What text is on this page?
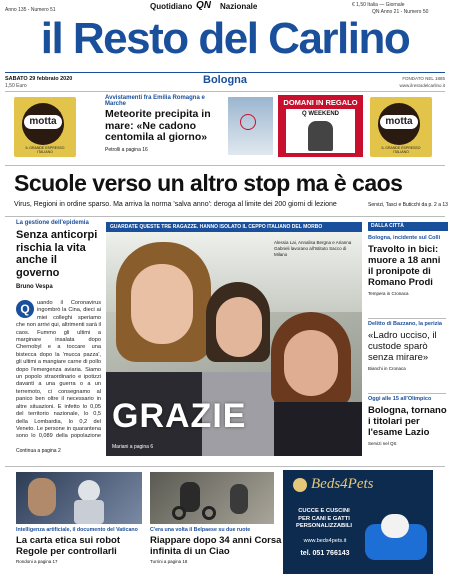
Anno 135 - Numero 51	Quotidiano QN Nazionale	€ 1,50 Italia — Giornale
QN Anno 21 - Numero 50
il Resto del Carlino
SABATO 29 febbraio 2020
1,50 Euro	Bologna	FONDATO NEL 1885
www.ilrestodelcarlino.it
motta
IL GRANDE ESPRESSO ITALIANO
Avvistamenti fra Emilia Romagna e Marche
Meteorite precipita in mare: «Ne cadono centomila al giorno»
Petrolli a pagina 16
DOMANI IN REGALO
Q WEEKEND
motta
IL GRANDE ESPRESSO ITALIANO
Scuole verso un altro stop ma è caos
Virus, Regioni in ordine sparso. Ma arriva la norma 'salva anno': deroga al limite dei 200 giorni di lezione	Servizi, Tasci e Buticchi da p. 2 a 13
La gestione dell'epidemia
Senza anticorpi rischia la vita anche il governo
Bruno Vespa
Q	uando il Coronavirus ingombrò la Cina, dieci ai miei colleghi speriamo che non arrivi qui, altrimenti sarà il caos. Fummo gli ultimi a marginare insalata dopo Chernobyl e a toccare una bistecca dopo la 'mucca pazza', gli ultimi a mangiare carne di pollo dopo l'emergenza aviaria. Siamo un popolo straordinario e ipotizzi davanti a una guerra o a un terremoto, ci consegnamo al panico ben oltre il necessario in altre situazioni. E infetto lo 0,05 del territorio nazionale, lo 0,5 della Lombardia, lo 0,2 del Veneto. Le persone in quarantena sono lo 0,089 della popolazione
Continua a pagina 2
GUARDATE QUESTE TRE RAGAZZE. HANNO ISOLATO IL CEPPO ITALIANO DEL MORBO
Alessia Lai, Annalisa Bergna e Arianna Gabrieli lavorano all'Istituto Sacco di Milano
GRAZIE
Mariani a pagina 6
DALLA CITTÀ
Bologna, incidente sul Colli
Travolto in bici: muore a 18 anni il pronipote di Romano Prodi
Tempera in Cronaca
Delitto di Bazzano, la perizia
«Ladro ucciso, il custode sparò senza mirare»
Bianchi in Cronaca
Oggi alle 15 all'Olimpico
Bologna, tornano i titolari per l'esame Lazio
Servizi nel QS
Intelligenza artificiale, il documento del Vaticano
La carta etica sui robot Regole per controllarli
Rondoni a pagina 17
C'era una volta il Belpaese su due ruote
Riappare dopo 34 anni Corsa infinita di un Ciao
Turrini a pagina 18
Beds4Pets
CUCCE E CUSCINI
PER CANI E GATTI
PERSONALIZZABILI
www.beds4pets.it
tel. 051 766143
